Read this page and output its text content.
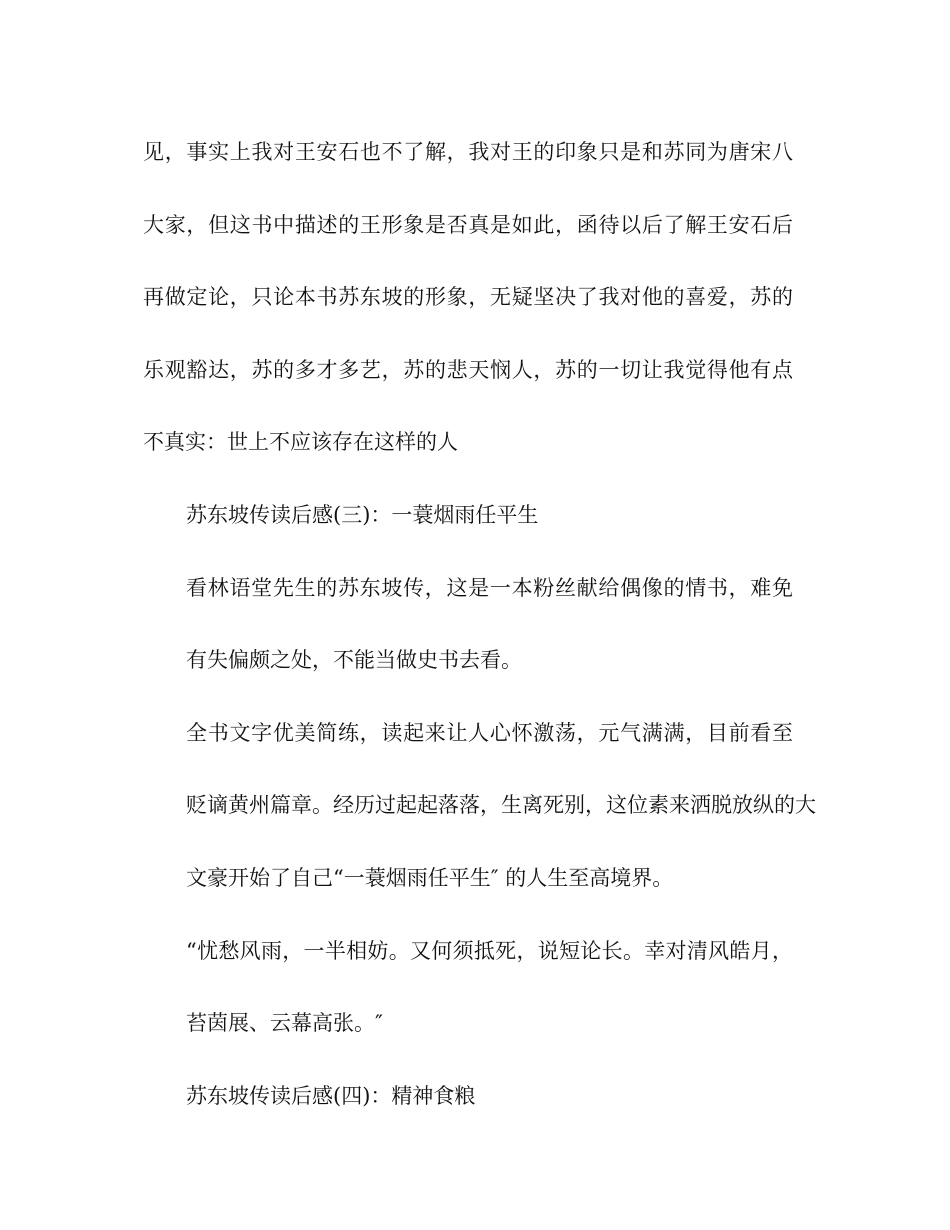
见，事实上我对王安石也不了解，我对王的印象只是和苏同为唐宋八
大家，但这书中描述的王形象是否真是如此，函待以后了解王安石后
再做定论，只论本书苏东坡的形象，无疑坚决了我对他的喜爱，苏的
乐观豁达，苏的多才多艺，苏的悲天悯人，苏的一切让我觉得他有点
不真实：世上不应该存在这样的人

苏东坡传读后感(三)：一蓑烟雨任平生

看林语堂先生的苏东坡传，这是一本粉丝献给偶像的情书，难免
有失偏颇之处，不能当做史书去看。

全书文字优美简练，读起来让人心怀激荡，元气满满，目前看至
贬谪黄州篇章。经历过起起落落，生离死别，这位素来洒脱放纵的大
文豪开始了自己“一蓑烟雨任平生″ 的人生至高境界。

“忧愁风雨，一半相妨。又何须抵死，说短论长。幸对清风皓月，
苔茵展、云幕高张。″

苏东坡传读后感(四)：精神食粮
